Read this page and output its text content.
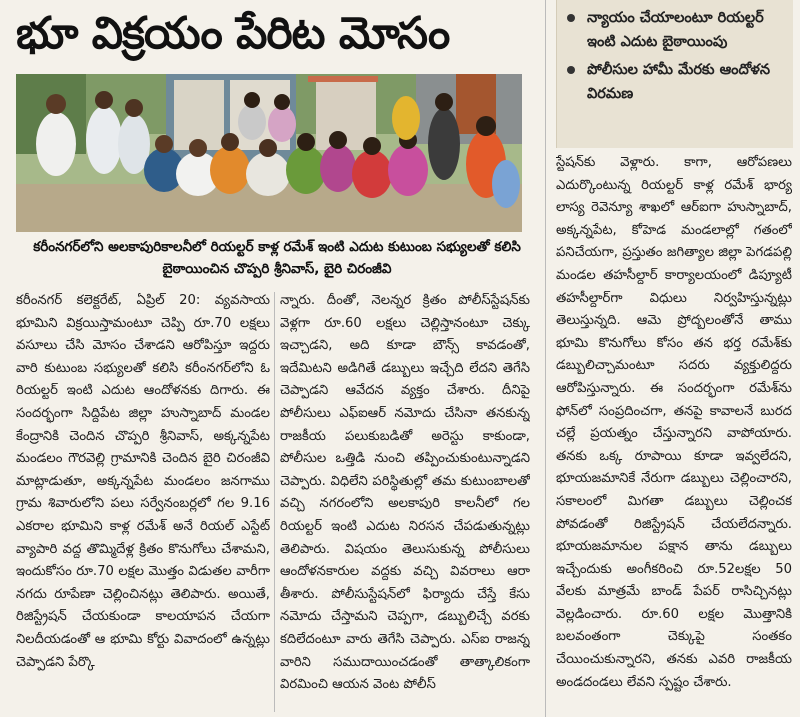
భూ విక్రయం పేరిట మోసం	న్యాయం చేయాలంటూ రియల్టర్ ఇంటి ఎదుట బైఠాయింపు
పోలీసుల హామీ మేరకు ఆందోళన విరమణ
కరీంనగర్‌లోని అలకాపురికాలనీలో రియల్టర్ కాళ్ల రమేశ్ ఇంటి ఎదుట కుటుంబ సభ్యులతో కలిసి బైఠాయించిన చొప్పరి శ్రీనివాస్, బైరి చిరంజీవి
కరీంనగర్ కలెక్టరేట్, ఏప్రిల్ 20: వ్యవసాయ భూమిని విక్రయిస్తామంటూ చెప్పి రూ.70 లక్షలు వసూలు చేసి మోసం చేశాడని ఆరోపిస్తూ ఇద్దరు వారి కుటుంబ సభ్యులతో కలిసి కరీంనగర్‌లోని ఓ రియల్టర్ ఇంటి ఎదుట ఆందోళనకు దిగారు. ఈ సందర్భంగా సిద్దిపేట జిల్లా హుస్నాబాద్ మండల కేంద్రానికి చెందిన చొప్పరి శ్రీనివాస్, అక్కన్నపేట మండలం గౌరవెల్లి గ్రామానికి చెందిన బైరి చిరంజీవి మాట్లాడుతూ, అక్కన్నపేట మండలం జనగాము గ్రామ శివారులోని పలు సర్వేనంబర్లలో గల 9.16 ఎకరాల భూమిని కాళ్ల రమేశ్ అనే రియల్ ఎస్టేట్ వ్యాపారి వద్ద తొమ్మిదేళ్ల క్రితం కొనుగోలు చేశామని, ఇందుకోసం రూ.70 లక్షల మొత్తం విడుతల వారీగా నగదు రూపేణా చెల్లించినట్లు తెలిపారు. అయితే, రిజిస్ట్రేషన్ చేయకుండా కాలయాపన చేయగా నిలదీయడంతో ఆ భూమి కోర్టు వివాదంలో ఉన్నట్లు చెప్పాడని పేర్కొ
న్నారు. దీంతో, నెలన్నర క్రితం పోలీస్‌స్టేషన్‌కు వెళ్లగా రూ.60 లక్షలు చెల్లిస్తానంటూ చెక్కు ఇచ్చాడని, అది కూడా బౌన్స్ కావడంతో, ఇదేమిటని అడిగితే డబ్బులు ఇచ్చేది లేదని తెగేసి చెప్పాడని ఆవేదన వ్యక్తం చేశారు. దీనిపై పోలీసులు ఎఫ్‌ఐఆర్ నమోదు చేసినా తనకున్న రాజకీయ పలుకుబడితో అరెస్టు కాకుండా, పోలీసుల ఒత్తిడి నుంచి తప్పించుకుంటున్నాడని చెప్పారు. విధిలేని పరిస్థితుల్లో తమ కుటుంబాలతో వచ్చి నగరంలోని అలకాపురి కాలనీలో గల రియల్టర్ ఇంటి ఎదుట నిరసన చేపడుతున్నట్లు తెలిపారు. విషయం తెలుసుకున్న పోలీసులు ఆందోళనకారుల వద్దకు వచ్చి వివరాలు ఆరా తీశారు. పోలీసుస్టేషన్‌లో ఫిర్యాదు చేస్తే కేసు నమోదు చేస్తామని చెప్పగా, డబ్బులిచ్చే వరకు కదిలేదంటూ వారు తెగేసి చెప్పారు. ఎస్‌ఐ రాజన్న వారిని సముదాయించడంతో తాత్కాలికంగా విరమించి ఆయన వెంట పోలీస్
స్టేషన్‌కు వెళ్లారు. కాగా, ఆరోపణలు ఎదుర్కొంటున్న రియల్టర్ కాళ్ల రమేశ్ భార్య లాస్య రెవెన్యూ శాఖలో ఆర్‌ఐగా హుస్నాబాద్, అక్కన్నపేట, కోహెడ మండలాల్లో గతంలో పనిచేయగా, ప్రస్తుతం జగిత్యాల జిల్లా పెగడపల్లి మండల తహసీల్దార్ కార్యాలయంలో డిప్యూటీ తహసీల్దార్‌గా విధులు నిర్వహిస్తున్నట్లు తెలుస్తున్నది. ఆమె ప్రోద్బలంతోనే తాము భూమి కొనుగోలు కోసం తన భర్త రమేశ్‌కు డబ్బులిచ్చామంటూ సదరు వ్యక్తులిద్దరు ఆరోపిస్తున్నారు. ఈ సందర్భంగా రమేశ్‌ను ఫోన్‌లో సంప్రదించగా, తనపై కావాలనే బురద చల్లే ప్రయత్నం చేస్తున్నారని వాపోయారు. తనకు ఒక్క రూపాయి కూడా ఇవ్వలేదని, భూయజమానికే నేరుగా డబ్బులు చెల్లించారని, సకాలంలో మిగతా డబ్బులు చెల్లించక పోవడంతో రిజిస్ట్రేషన్ చేయలేదన్నారు. భూయజమానుల పక్షాన తాను డబ్బులు ఇచ్చేందుకు అంగీకరించి రూ.52లక్షల 50 వేలకు మాత్రమే బాండ్ పేపర్ రాసిచ్చినట్లు వెల్లడించారు. రూ.60 లక్షల మొత్తానికి బలవంతంగా చెక్కుపై సంతకం చేయించుకున్నారని, తనకు ఎవరి రాజకీయ అండదండలు లేవని స్పష్టం చేశారు.
